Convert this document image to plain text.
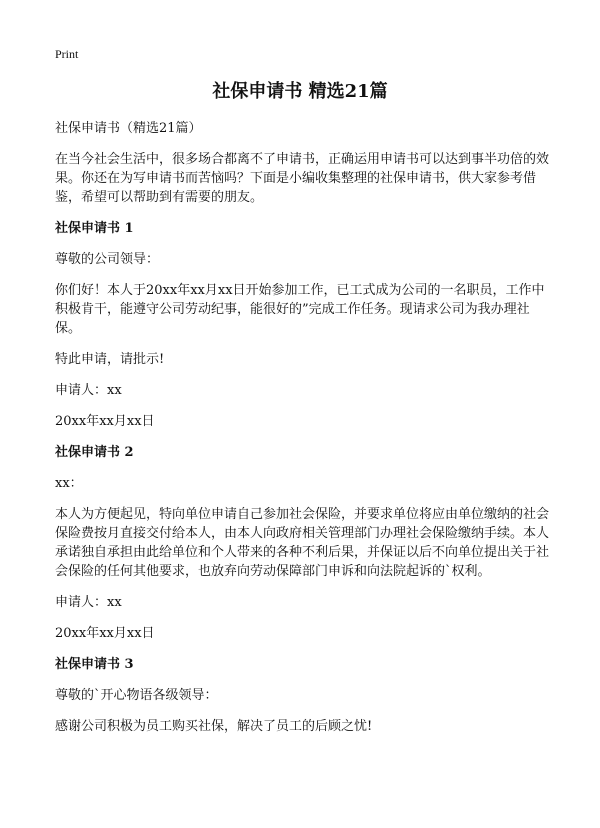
Print
社保申请书 精选21篇

社保申请书（精选21篇）

在当今社会生活中，很多场合都离不了申请书，正确运用申请书可以达到事半功倍的效果。你还在为写申请书而苦恼吗？下面是小编收集整理的社保申请书，供大家参考借鉴，希望可以帮助到有需要的朋友。

社保申请书 1

尊敬的公司领导：

你们好！本人于20xx年xx月xx日开始参加工作，已工式成为公司的一名职员，工作中积极肯干，能遵守公司劳动纪事，能很好的”完成工作任务。现请求公司为我办理社保。

特此申请，请批示!

申请人：xx

20xx年xx月xx日

社保申请书 2

xx：

本人为方便起见，特向单位申请自己参加社会保险，并要求单位将应由单位缴纳的社会保险费按月直接交付给本人，由本人向政府相关管理部门办理社会保险缴纳手续。本人承诺独自承担由此给单位和个人带来的各种不利后果，并保证以后不向单位提出关于社会保险的任何其他要求，也放弃向劳动保障部门申诉和向法院起诉的`权利。

申请人：xx

20xx年xx月xx日

社保申请书 3

尊敬的`开心物语各级领导：

感谢公司积极为员工购买社保，解决了员工的后顾之忧!
